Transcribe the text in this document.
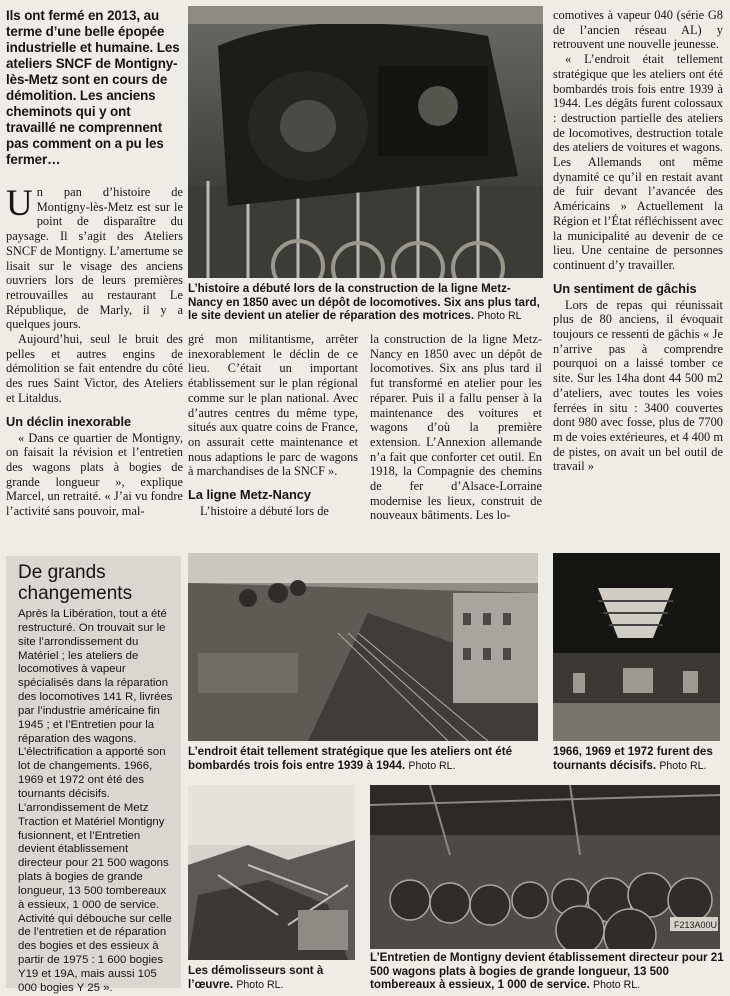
Ils ont fermé en 2013, au terme d’une belle épopée industrielle et humaine. Les ateliers SNCF de Montigny-lès-Metz sont en cours de démolition. Les anciens cheminots qui y ont travaillé ne comprennent pas comment on a pu les fermer…

Un pan d’histoire de Montigny-lès-Metz est sur le point de disparaître du paysage. Il s’agit des Ateliers SNCF de Montigny. L’amertume se lisait sur le visage des anciens ouvriers lors de leurs premières retrouvailles au restaurant Le République, de Marly, il y a quelques jours.

Aujourd’hui, seul le bruit des pelles et autres engins de démolition se fait entendre du côté des rues Saint Victor, des Ateliers et Litaldus.

Un déclin inexorable

« Dans ce quartier de Montigny, on faisait la révision et l’entretien des wagons plats à bogies de grande longueur », explique Marcel, un retraité. « J’ai vu fondre l’activité sans pouvoir, mal-

L’histoire a débuté lors de la construction de la ligne Metz-Nancy en 1850 avec un dépôt de locomotives. Six ans plus tard, le site devient un atelier de réparation des motrices. Photo RL

gré mon militantisme, arrêter inexorablement le déclin de ce lieu. C’était un important établissement sur le plan régional comme sur le plan national. Avec d’autres centres du même type, situés aux quatre coins de France, on assurait cette maintenance et nous adaptions le parc de wagons à marchandises de la SNCF ».

La ligne Metz-Nancy

L’histoire a débuté lors de

la construction de la ligne Metz-Nancy en 1850 avec un dépôt de locomotives. Six ans plus tard il fut transformé en atelier pour les réparer. Puis il a fallu penser à la maintenance des voitures et wagons d’où la première extension. L’Annexion allemande n’a fait que conforter cet outil. En 1918, la Compagnie des chemins de fer d’Alsace-Lorraine modernise les lieux, construit de nouveaux bâtiments. Les lo-

comotives à vapeur 040 (série G8 de l’ancien réseau AL) y retrouvent une nouvelle jeunesse.

« L’endroit était tellement stratégique que les ateliers ont été bombardés trois fois entre 1939 à 1944. Les dégâts furent colossaux : destruction partielle des ateliers de locomotives, destruction totale des ateliers de voitures et wagons. Les Allemands ont même dynamité ce qu’il en restait avant de fuir devant l’avancée des Américains » Actuellement la Région et l’État réfléchissent avec la municipalité au devenir de ce lieu. Une centaine de personnes continuent d’y travailler.

Un sentiment de gâchis

Lors de repas qui réunissait plus de 80 anciens, il évoquait toujours ce ressenti de gâchis « Je n’arrive pas à comprendre pourquoi on a laissé tomber ce site. Sur les 14ha dont 44 500 m2 d’ateliers, avec toutes les voies ferrées in situ : 3400 couvertes dont 980 avec fosse, plus de 7700 m de voies extérieures, et 4 400 m de pistes, on avait un bel outil de travail »

De grands changements
Après la Libération, tout a été restructuré. On trouvait sur le site l’arrondissement du Matériel ; les ateliers de locomotives à vapeur spécialisés dans la réparation des locomotives 141 R, livrées par l’industrie américaine fin 1945 ; et l’Entretien pour la réparation des wagons. L’électrification a apporté son lot de changements. 1966, 1969 et 1972 ont été des tournants décisifs. L’arrondissement de Metz Traction et Matériel Montigny fusionnent, et l’Entretien devient établissement directeur pour 21 500 wagons plats à bogies de grande longueur, 13 500 tombereaux à essieux, 1 000 de service. Activité qui débouche sur celle de l’entretien et de réparation des bogies et des essieux à partir de 1975 : 1 600 bogies Y19 et 19A, mais aussi 105 000 bogies Y 25 ».
L’endroit était tellement stratégique que les ateliers ont été bombardés trois fois entre 1939 à 1944. Photo RL.
1966, 1969 et 1972 furent des tournants décisifs. Photo RL.
Les démolisseurs sont à l’œuvre. Photo RL.
F213A00U
L’Entretien de Montigny devient établissement directeur pour 21 500 wagons plats à bogies de grande longueur, 13 500 tombereaux à essieux, 1 000 de service. Photo RL.
